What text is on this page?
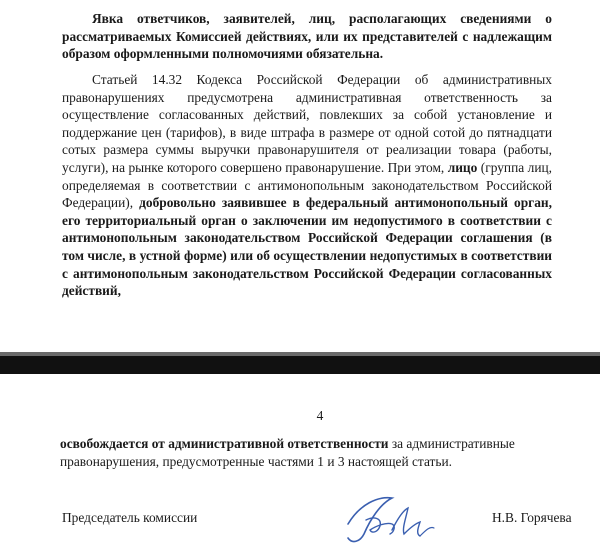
Явка ответчиков, заявителей, лиц, располагающих сведениями о рассматриваемых Комиссией действиях, или их представителей с надлежащим образом оформленными полномочиями обязательна.

Статьей 14.32 Кодекса Российской Федерации об административных правонарушениях предусмотрена административная ответственность за осуществление согласованных действий, повлекших за собой установление и поддержание цен (тарифов), в виде штрафа в размере от одной сотой до пятнадцати сотых размера суммы выручки правонарушителя от реализации товара (работы, услуги), на рынке которого совершено правонарушение. При этом, лицо (группа лиц, определяемая в соответствии с антимонопольным законодательством Российской Федерации), добровольно заявившее в федеральный антимонопольный орган, его территориальный орган о заключении им недопустимого в соответствии с антимонопольным законодательством Российской Федерации соглашения (в том числе, в устной форме) или об осуществлении недопустимых в соответствии с антимонопольным законодательством Российской Федерации согласованных действий,

4

освобождается от административной ответственности за административные правонарушения, предусмотренные частями 1 и 3 настоящей статьи.

Председатель комиссии	Н.В. Горячева
